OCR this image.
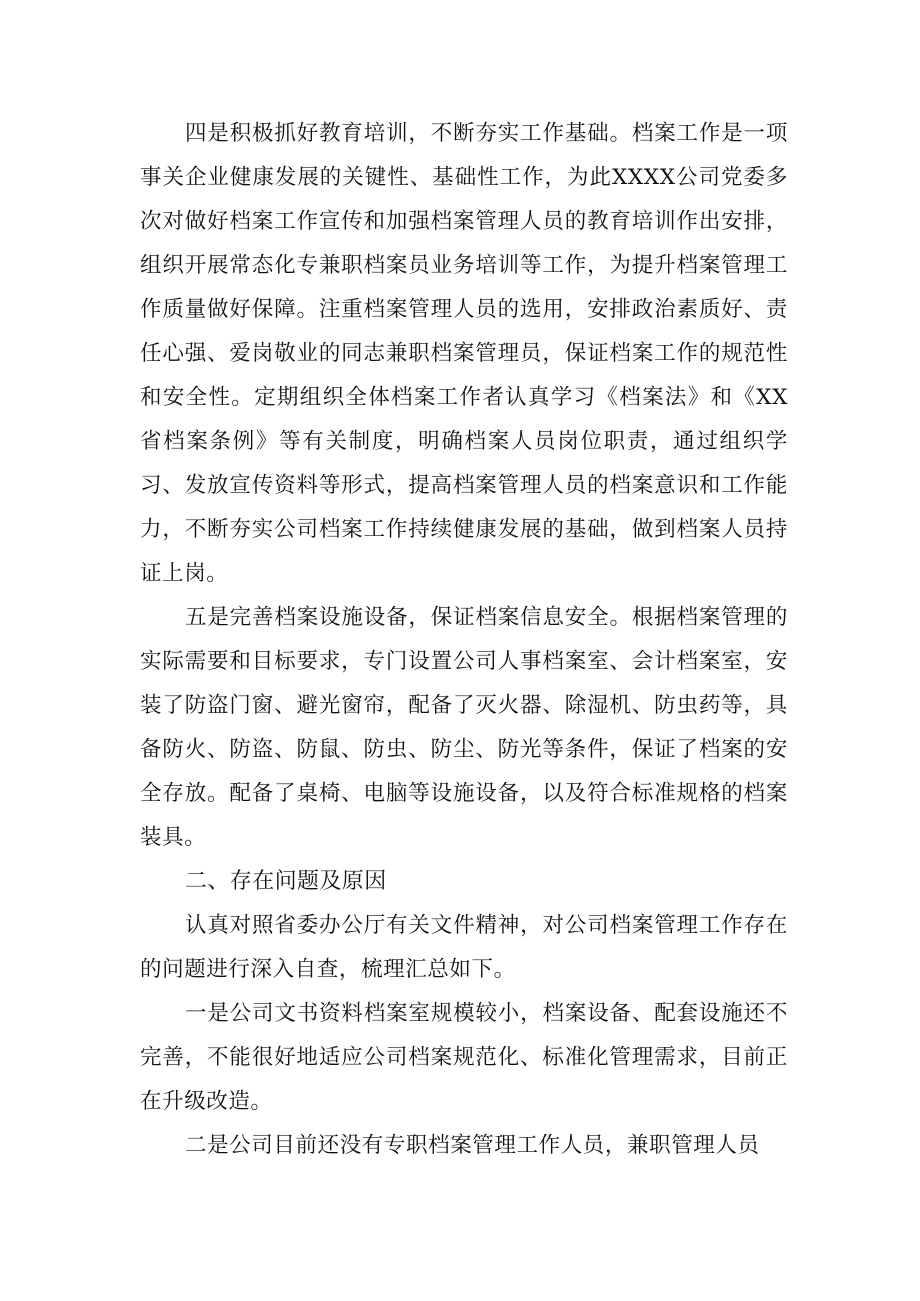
四是积极抓好教育培训，不断夯实工作基础。档案工作是一项事关企业健康发展的关键性、基础性工作，为此XXXX公司党委多次对做好档案工作宣传和加强档案管理人员的教育培训作出安排，组织开展常态化专兼职档案员业务培训等工作，为提升档案管理工作质量做好保障。注重档案管理人员的选用，安排政治素质好、责任心强、爱岗敬业的同志兼职档案管理员，保证档案工作的规范性和安全性。定期组织全体档案工作者认真学习《档案法》和《XX省档案条例》等有关制度，明确档案人员岗位职责，通过组织学习、发放宣传资料等形式，提高档案管理人员的档案意识和工作能力，不断夯实公司档案工作持续健康发展的基础，做到档案人员持证上岗。

五是完善档案设施设备，保证档案信息安全。根据档案管理的实际需要和目标要求，专门设置公司人事档案室、会计档案室，安装了防盗门窗、避光窗帘，配备了灭火器、除湿机、防虫药等，具备防火、防盗、防鼠、防虫、防尘、防光等条件，保证了档案的安全存放。配备了桌椅、电脑等设施设备，以及符合标准规格的档案装具。

二、存在问题及原因

认真对照省委办公厅有关文件精神，对公司档案管理工作存在的问题进行深入自查，梳理汇总如下。

一是公司文书资料档案室规模较小，档案设备、配套设施还不完善，不能很好地适应公司档案规范化、标准化管理需求，目前正在升级改造。

二是公司目前还没有专职档案管理工作人员，兼职管理人员
